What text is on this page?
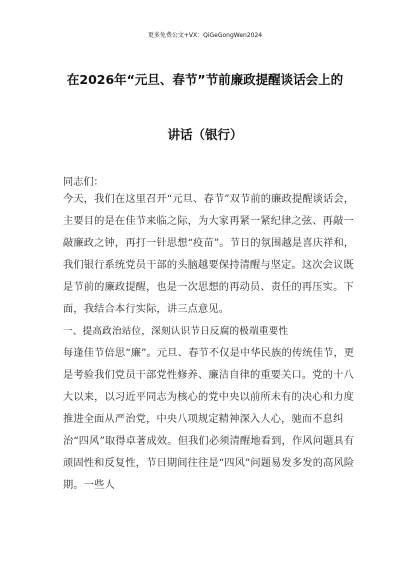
更多免费公文+VX：QiGeGongWen2024
在2026年“元旦、春节”节前廉政提醒谈话会上的
讲话（银行）
同志们：

今天，我们在这里召开“元旦、春节”双节前的廉政提醒谈话会，主要目的是在佳节来临之际，为大家再紧一紧纪律之弦、再敲一敲廉政之钟，再打一针思想“疫苗”。节日的氛围越是喜庆祥和，我们银行系统党员干部的头脑越要保持清醒与坚定。这次会议既是节前的廉政提醒，也是一次思想的再动员、责任的再压实。下面，我结合本行实际，讲三点意见。

一、提高政治站位，深刻认识节日反腐的极端重要性

每逢佳节倍思“廉”。元旦、春节不仅是中华民族的传统佳节，更是考验我们党员干部党性修养、廉洁自律的重要关口。党的十八大以来，以习近平同志为核心的党中央以前所未有的决心和力度推进全面从严治党，中央八项规定精神深入人心，驰而不息纠治“四风”取得卓著成效。但我们必须清醒地看到，作风问题具有顽固性和反复性，节日期间往往是“四风”问题易发多发的高风险期。一些人
